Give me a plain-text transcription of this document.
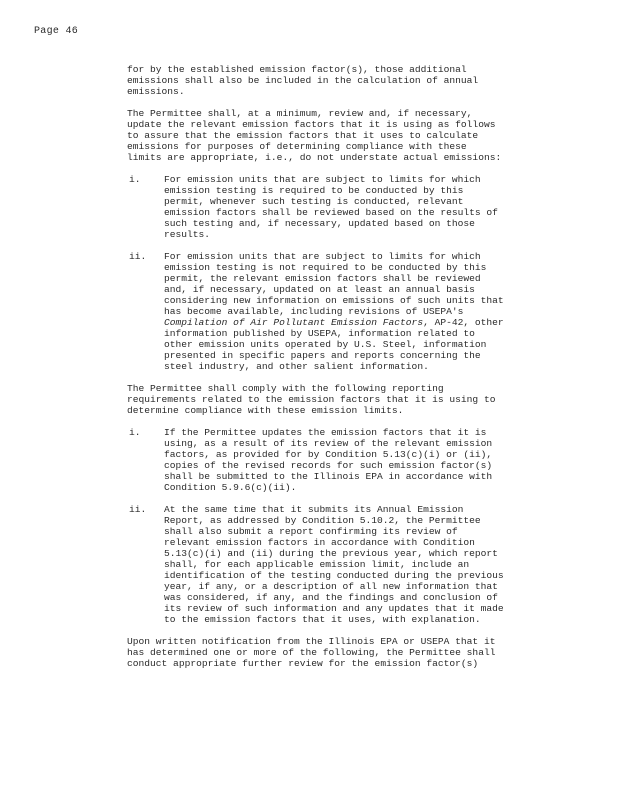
Page 46
for by the established emission factor(s), those additional
emissions shall also be included in the calculation of annual
emissions.
The Permittee shall, at a minimum, review and, if necessary,
update the relevant emission factors that it is using as follows
to assure that the emission factors that it uses to calculate
emissions for purposes of determining compliance with these
limits are appropriate, i.e., do not understate actual emissions:
i. For emission units that are subject to limits for which
emission testing is required to be conducted by this
permit, whenever such testing is conducted, relevant
emission factors shall be reviewed based on the results of
such testing and, if necessary, updated based on those
results.
ii. For emission units that are subject to limits for which
emission testing is not required to be conducted by this
permit, the relevant emission factors shall be reviewed
and, if necessary, updated on at least an annual basis
considering new information on emissions of such units that
has become available, including revisions of USEPA's
Compilation of Air Pollutant Emission Factors, AP-42, other
information published by USEPA, information related to
other emission units operated by U.S. Steel, information
presented in specific papers and reports concerning the
steel industry, and other salient information.
The Permittee shall comply with the following reporting
requirements related to the emission factors that it is using to
determine compliance with these emission limits.
i. If the Permittee updates the emission factors that it is
using, as a result of its review of the relevant emission
factors, as provided for by Condition 5.13(c)(i) or (ii),
copies of the revised records for such emission factor(s)
shall be submitted to the Illinois EPA in accordance with
Condition 5.9.6(c)(ii).
ii. At the same time that it submits its Annual Emission
Report, as addressed by Condition 5.10.2, the Permittee
shall also submit a report confirming its review of
relevant emission factors in accordance with Condition
5.13(c)(i) and (ii) during the previous year, which report
shall, for each applicable emission limit, include an
identification of the testing conducted during the previous
year, if any, or a description of all new information that
was considered, if any, and the findings and conclusion of
its review of such information and any updates that it made
to the emission factors that it uses, with explanation.
Upon written notification from the Illinois EPA or USEPA that it
has determined one or more of the following, the Permittee shall
conduct appropriate further review for the emission factor(s)
